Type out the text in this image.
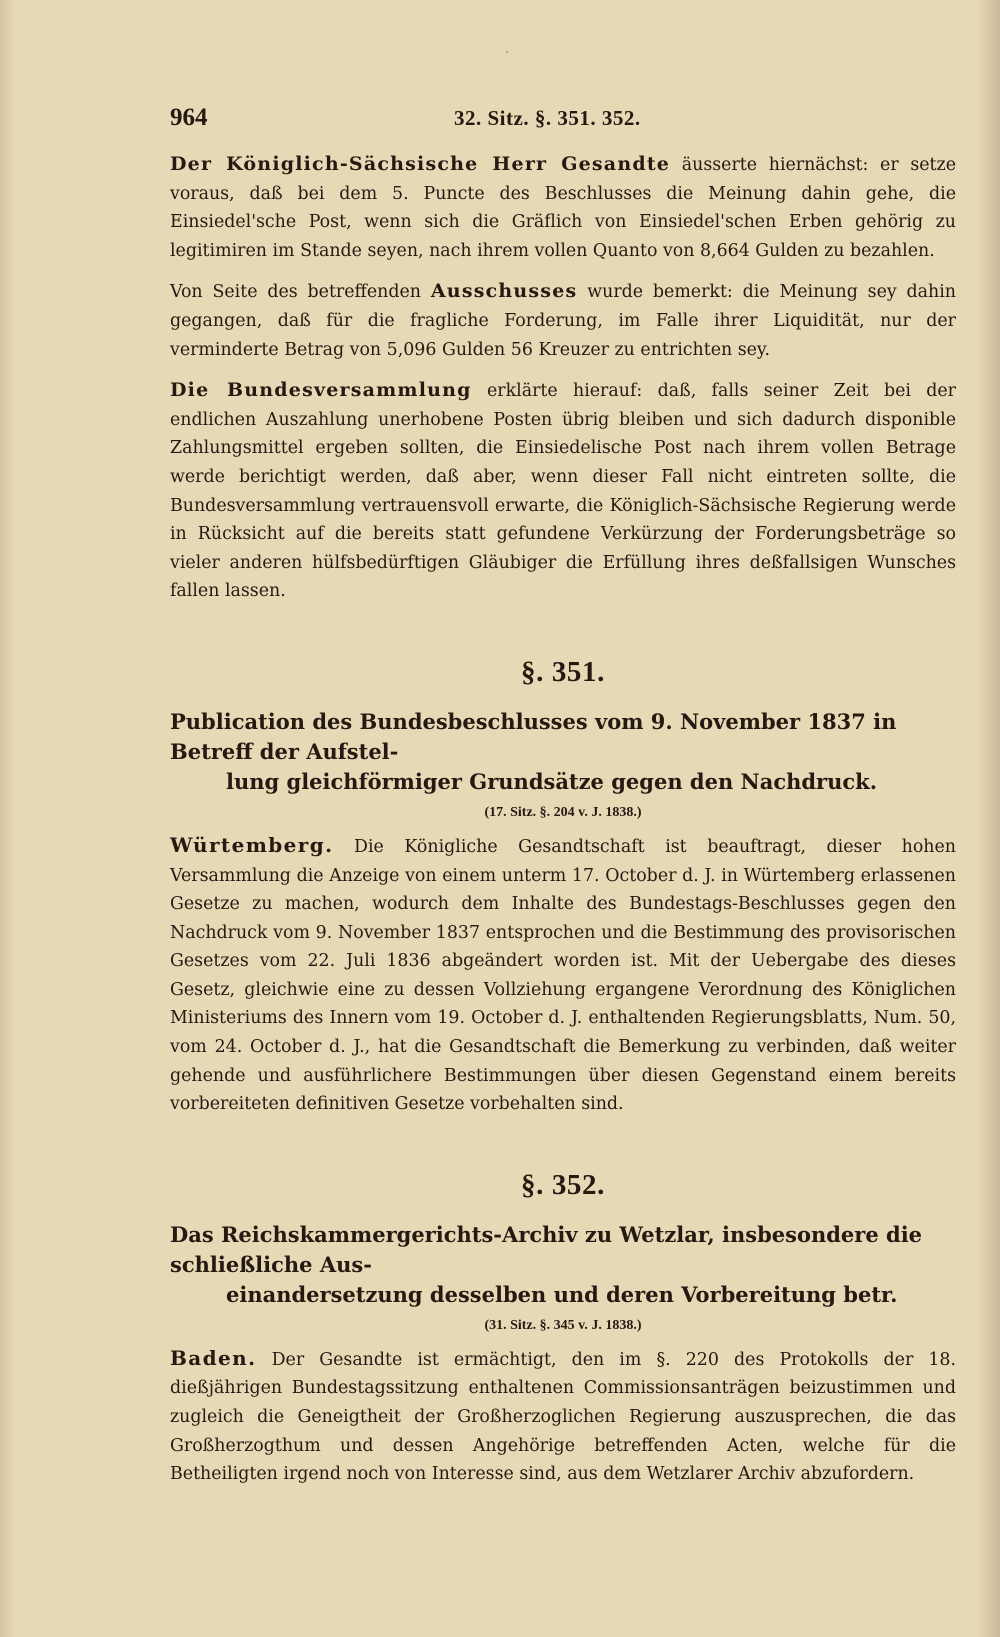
·
964	32. Sitz. §. 351. 352.

Der Königlich-Sächsische Herr Gesandte äusserte hiernächst: er setze voraus, daß bei dem 5. Puncte des Beschlusses die Meinung dahin gehe, die Einsiedel'sche Post, wenn sich die Gräflich von Einsiedel'schen Erben gehörig zu legitimiren im Stande seyen, nach ihrem vollen Quanto von 8,664 Gulden zu bezahlen.

Von Seite des betreffenden Ausschusses wurde bemerkt: die Meinung sey dahin gegangen, daß für die fragliche Forderung, im Falle ihrer Liquidität, nur der verminderte Betrag von 5,096 Gulden 56 Kreuzer zu entrichten sey.

Die Bundesversammlung erklärte hierauf: daß, falls seiner Zeit bei der endlichen Auszahlung unerhobene Posten übrig bleiben und sich dadurch disponible Zahlungsmittel ergeben sollten, die Einsiedelische Post nach ihrem vollen Betrage werde berichtigt werden, daß aber, wenn dieser Fall nicht eintreten sollte, die Bundesversammlung vertrauensvoll erwarte, die Königlich-Sächsische Regierung werde in Rücksicht auf die bereits statt gefundene Verkürzung der Forderungsbeträge so vieler anderen hülfsbedürftigen Gläubiger die Erfüllung ihres deßfallsigen Wunsches fallen lassen.

§. 351.

Publication des Bundesbeschlusses vom 9. November 1837 in Betreff der Aufstel-
lung gleichförmiger Grundsätze gegen den Nachdruck.

(17. Sitz. §. 204 v. J. 1838.)

Würtemberg. Die Königliche Gesandtschaft ist beauftragt, dieser hohen Versammlung die Anzeige von einem unterm 17. October d. J. in Würtemberg erlassenen Gesetze zu machen, wodurch dem Inhalte des Bundestags-Beschlusses gegen den Nachdruck vom 9. November 1837 entsprochen und die Bestimmung des provisorischen Gesetzes vom 22. Juli 1836 abgeändert worden ist. Mit der Uebergabe des dieses Gesetz, gleichwie eine zu dessen Vollziehung ergangene Verordnung des Königlichen Ministeriums des Innern vom 19. October d. J. enthaltenden Regierungsblatts, Num. 50, vom 24. October d. J., hat die Gesandtschaft die Bemerkung zu verbinden, daß weiter gehende und ausführlichere Bestimmungen über diesen Gegenstand einem bereits vorbereiteten definitiven Gesetze vorbehalten sind.

§. 352.

Das Reichskammergerichts-Archiv zu Wetzlar, insbesondere die schließliche Aus-
einandersetzung desselben und deren Vorbereitung betr.

(31. Sitz. §. 345 v. J. 1838.)

Baden. Der Gesandte ist ermächtigt, den im §. 220 des Protokolls der 18. dießjährigen Bundestagssitzung enthaltenen Commissionsanträgen beizustimmen und zugleich die Geneigtheit der Großherzoglichen Regierung auszusprechen, die das Großherzogthum und dessen Angehörige betreffenden Acten, welche für die Betheiligten irgend noch von Interesse sind, aus dem Wetzlarer Archiv abzufordern.
